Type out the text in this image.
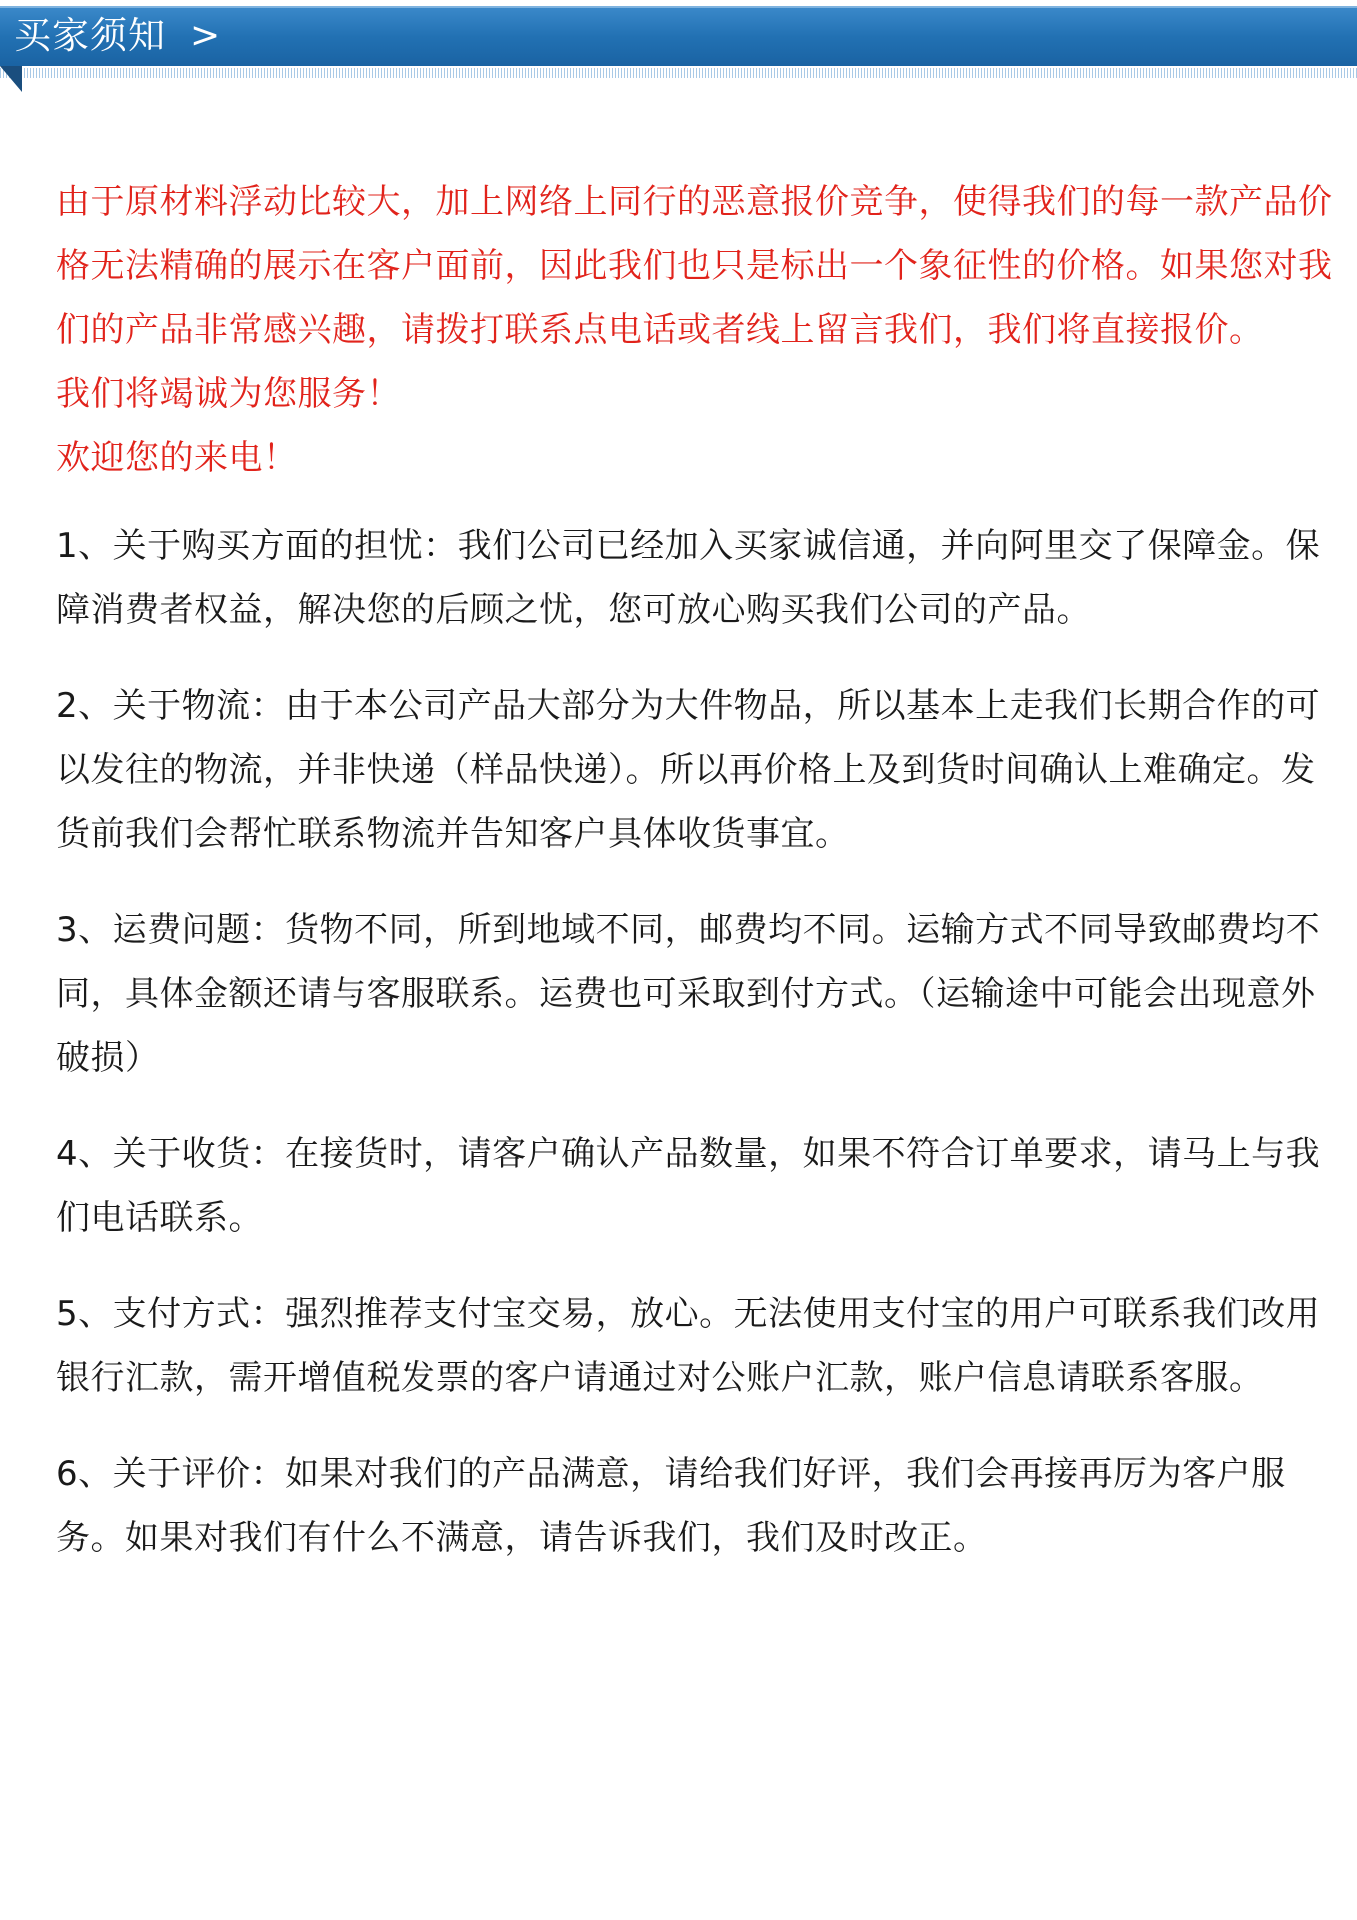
买家须知 >

由于原材料浮动比较大，加上网络上同行的恶意报价竞争，使得我们的每一款产品价格无法精确的展示在客户面前，因此我们也只是标出一个象征性的价格。如果您对我们的产品非常感兴趣，请拨打联系点电话或者线上留言我们，我们将直接报价。

我们将竭诚为您服务！

欢迎您的来电！

1、关于购买方面的担忧：我们公司已经加入买家诚信通，并向阿里交了保障金。保障消费者权益，解决您的后顾之忧，您可放心购买我们公司的产品。

2、关于物流：由于本公司产品大部分为大件物品，所以基本上走我们长期合作的可以发往的物流，并非快递（样品快递）。所以再价格上及到货时间确认上难确定。发货前我们会帮忙联系物流并告知客户具体收货事宜。

3、运费问题：货物不同，所到地域不同，邮费均不同。运输方式不同导致邮费均不同，具体金额还请与客服联系。运费也可采取到付方式。（运输途中可能会出现意外破损）

4、关于收货：在接货时，请客户确认产品数量，如果不符合订单要求，请马上与我们电话联系。

5、支付方式：强烈推荐支付宝交易，放心。无法使用支付宝的用户可联系我们改用银行汇款，需开增值税发票的客户请通过对公账户汇款，账户信息请联系客服。

6、关于评价：如果对我们的产品满意，请给我们好评，我们会再接再厉为客户服务。如果对我们有什么不满意，请告诉我们，我们及时改正。
